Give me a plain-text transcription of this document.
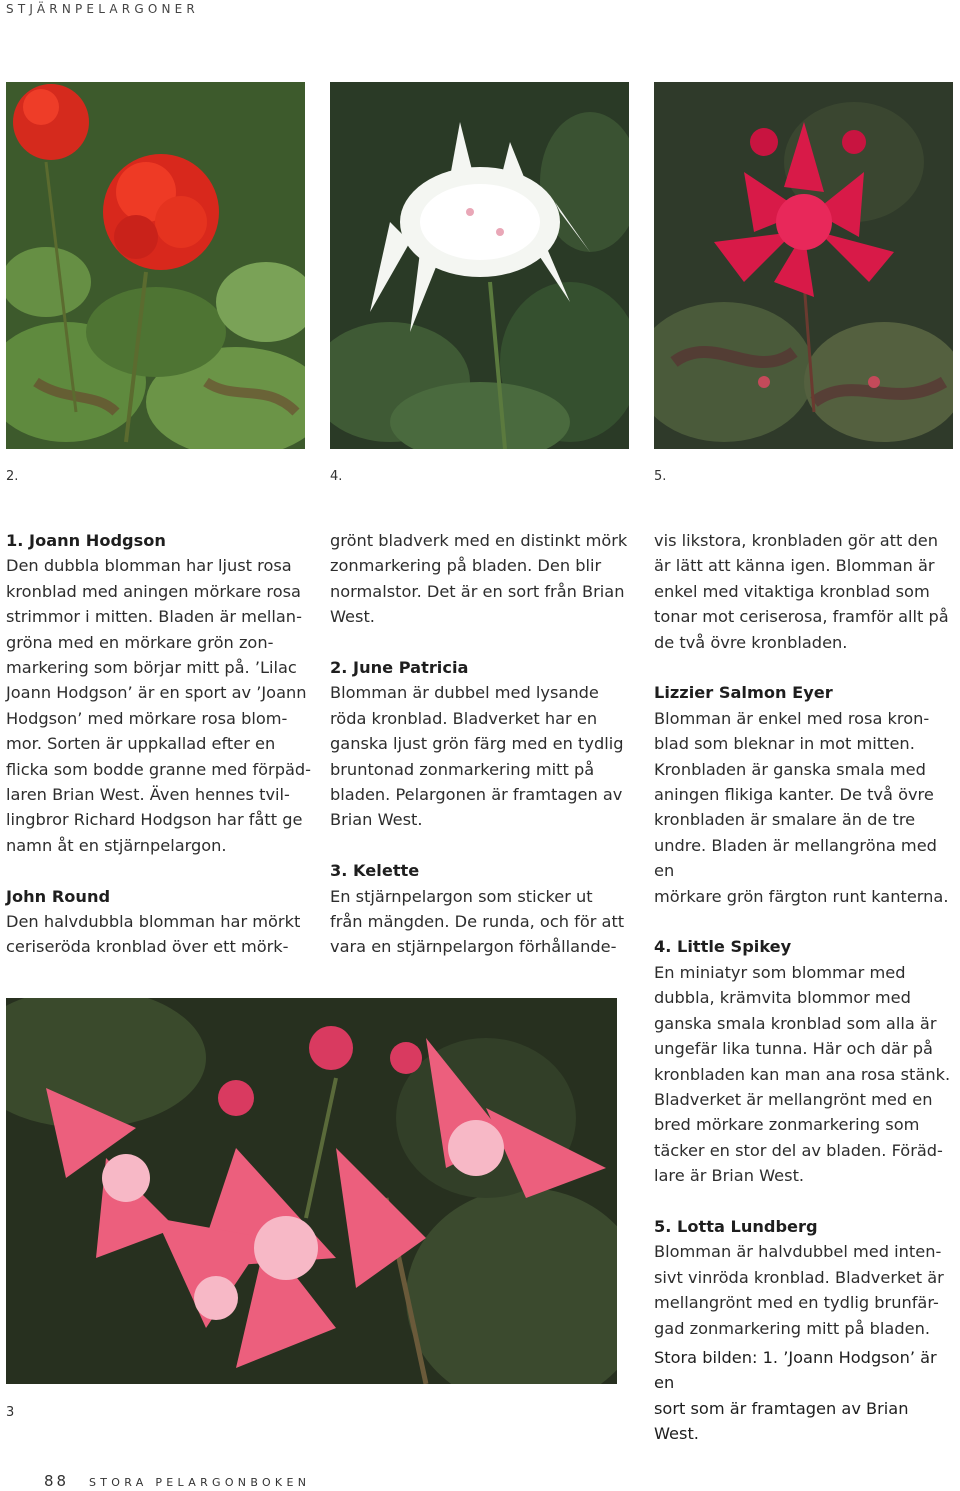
STJÄRNPELARGONER
2.	4.	5.

1. Joann Hodgson
Den dubbla blomman har ljust rosa
kronblad med aningen mörkare rosa
strimmor i mitten. Bladen är mellan-
gröna med en mörkare grön zon-
markering som börjar mitt på. ’Lilac
Joann Hodgson’ är en sport av ’Joann
Hodgson’ med mörkare rosa blom-
mor. Sorten är uppkallad efter en
flicka som bodde granne med förpäd-
laren Brian West. Även hennes tvil-
lingbror Richard Hodgson har fått ge
namn åt en stjärnpelargon.

John Round
Den halvdubbla blomman har mörkt
ceriseröda kronblad över ett mörk-

grönt bladverk med en distinkt mörk
zonmarkering på bladen. Den blir
normalstor. Det är en sort från Brian
West.

2. June Patricia
Blomman är dubbel med lysande
röda kronblad. Bladverket har en
ganska ljust grön färg med en tydlig
bruntonad zonmarkering mitt på
bladen. Pelargonen är framtagen av
Brian West.

3. Kelette
En stjärnpelargon som sticker ut
från mängden. De runda, och för att
vara en stjärnpelargon förhållande-

vis likstora, kronbladen gör att den
är lätt att känna igen. Blomman är
enkel med vitaktiga kronblad som
tonar mot ceriserosa, framför allt på
de två övre kronbladen.

Lizzier Salmon Eyer
Blomman är enkel med rosa kron-
blad som bleknar in mot mitten.
Kronbladen är ganska smala med
aningen flikiga kanter. De två övre
kronbladen är smalare än de tre
undre. Bladen är mellangröna med en
mörkare grön färgton runt kanterna.

4. Little Spikey
En miniatyr som blommar med
dubbla, krämvita blommor med
ganska smala kronblad som alla är
ungefär lika tunna. Här och där på
kronbladen kan man ana rosa stänk.
Bladverket är mellangrönt med en
bred mörkare zonmarkering som
täcker en stor del av bladen. Föräd-
lare är Brian West.

5. Lotta Lundberg
Blomman är halvdubbel med inten-
sivt vinröda kronblad. Bladverket är
mellangrönt med en tydlig brunfär-
gad zonmarkering mitt på bladen.

3
Stora bilden: 1. ’Joann Hodgson’ är en
sort som är framtagen av Brian West.
88 STORA PELARGONBOKEN
